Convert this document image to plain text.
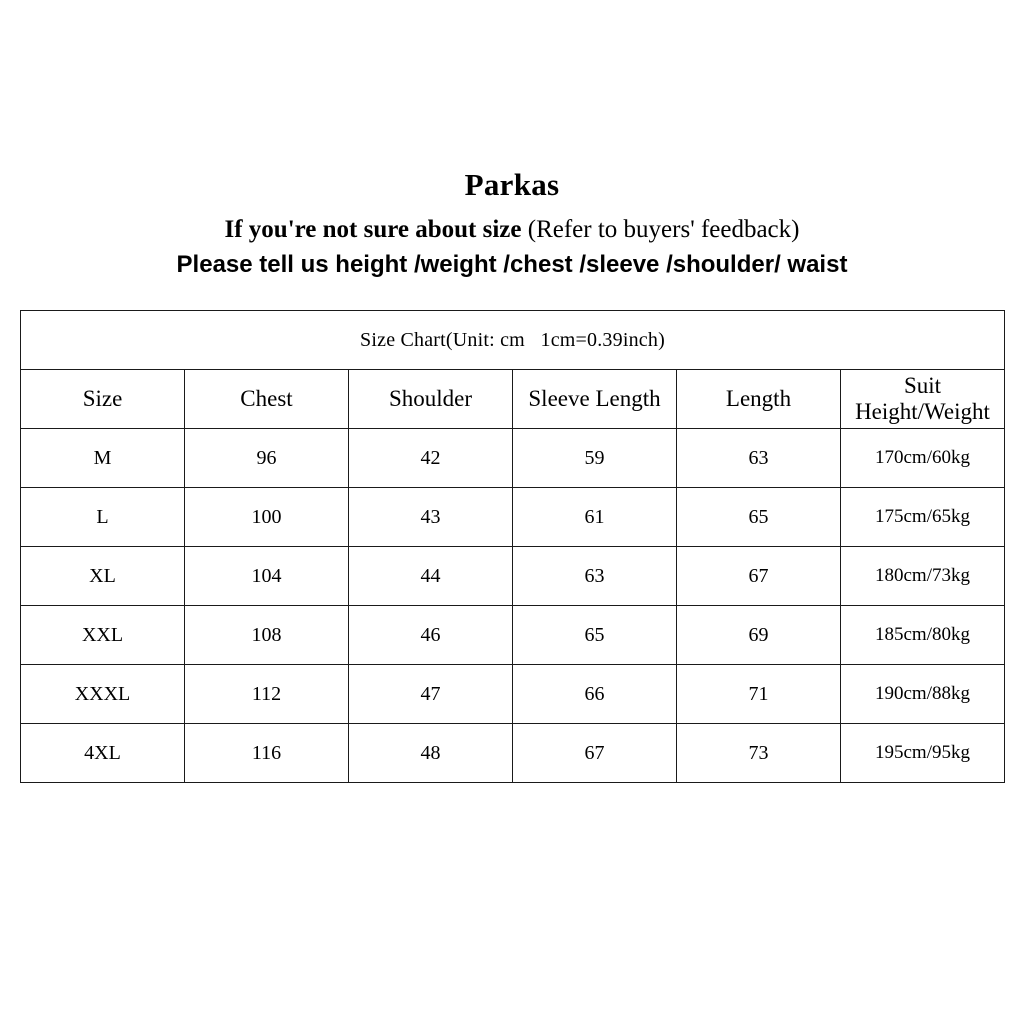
Parkas
If you're not sure about size (Refer to buyers' feedback)
Please tell us height /weight /chest /sleeve /shoulder/ waist
Size Chart(Unit: cm   1cm=0.39inch)					
Size	Chest	Shoulder	Sleeve Length	Length	Suit Height/Weight
M	96	42	59	63	170cm/60kg
L	100	43	61	65	175cm/65kg
XL	104	44	63	67	180cm/73kg
XXL	108	46	65	69	185cm/80kg
XXXL	112	47	66	71	190cm/88kg
4XL	116	48	67	73	195cm/95kg
